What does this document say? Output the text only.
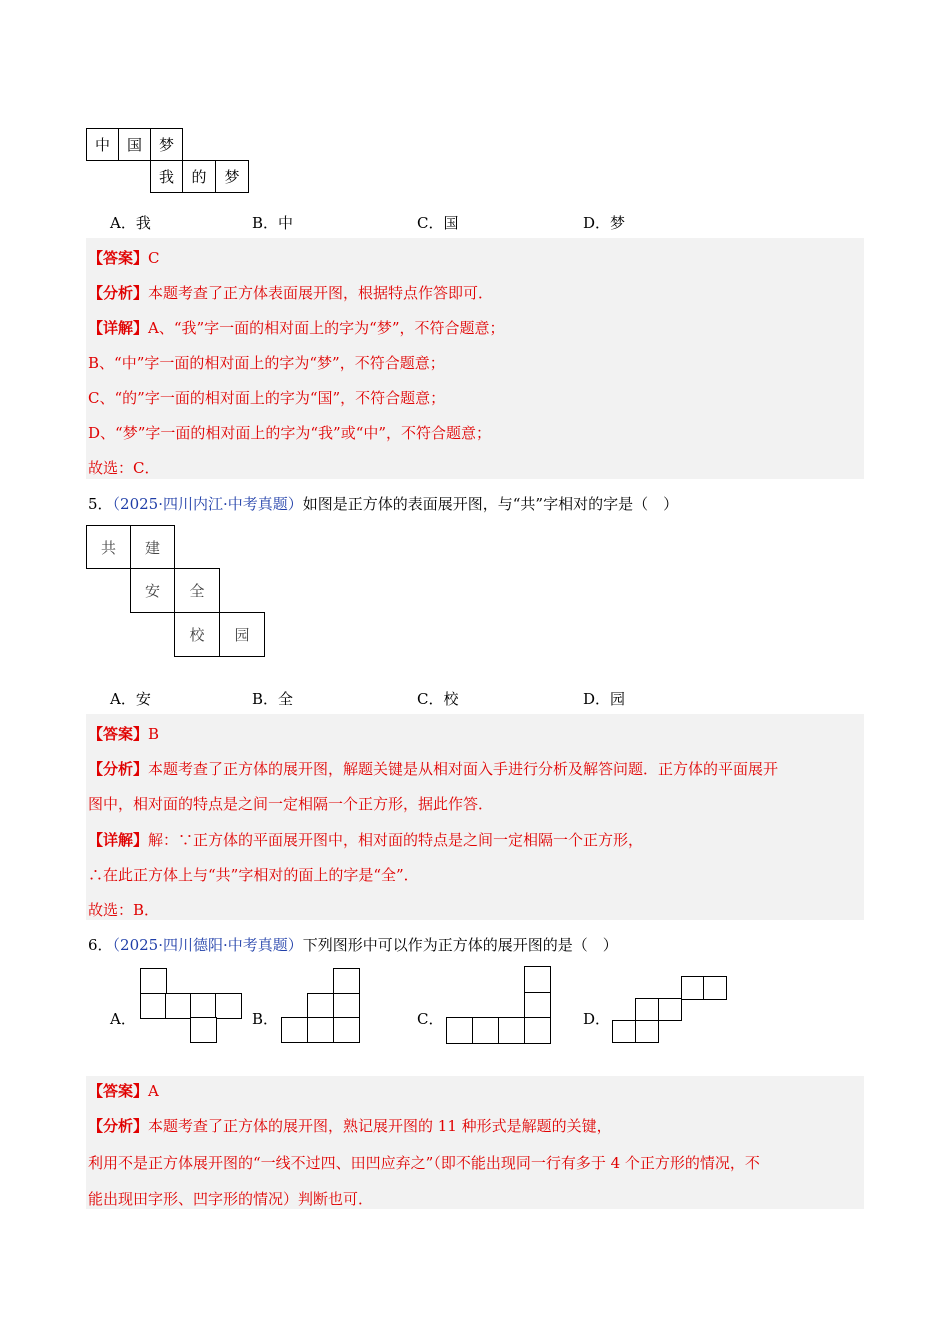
中	国	梦
我	的	梦
A．我	B．中	C．国	D．梦
【答案】C
【分析】本题考查了正方体表面展开图，根据特点作答即可．
【详解】A、“我”字一面的相对面上的字为“梦”，不符合题意；
B、“中”字一面的相对面上的字为“梦”，不符合题意；
C、“的”字一面的相对面上的字为“国”，不符合题意；
D、“梦”字一面的相对面上的字为“我”或“中”，不符合题意；
故选：C．
5．（2025·四川内江·中考真题）如图是正方体的表面展开图，与“共”字相对的字是（　）
共	建
安	全
校	园
A．安	B．全	C．校	D．园
【答案】B
【分析】本题考查了正方体的展开图，解题关键是从相对面入手进行分析及解答问题．正方体的平面展开
图中，相对面的特点是之间一定相隔一个正方形，据此作答．
【详解】解：∵正方体的平面展开图中，相对面的特点是之间一定相隔一个正方形，
∴在此正方体上与“共”字相对的面上的字是“全”．
故选：B．
6．（2025·四川德阳·中考真题）下列图形中可以作为正方体的展开图的是（　）
A．	B．	C．	D．
【答案】A
【分析】本题考查了正方体的展开图，熟记展开图的 11 种形式是解题的关键，
利用不是正方体展开图的“一线不过四、田凹应弃之”（即不能出现同一行有多于 4 个正方形的情况，不
能出现田字形、凹字形的情况）判断也可．
